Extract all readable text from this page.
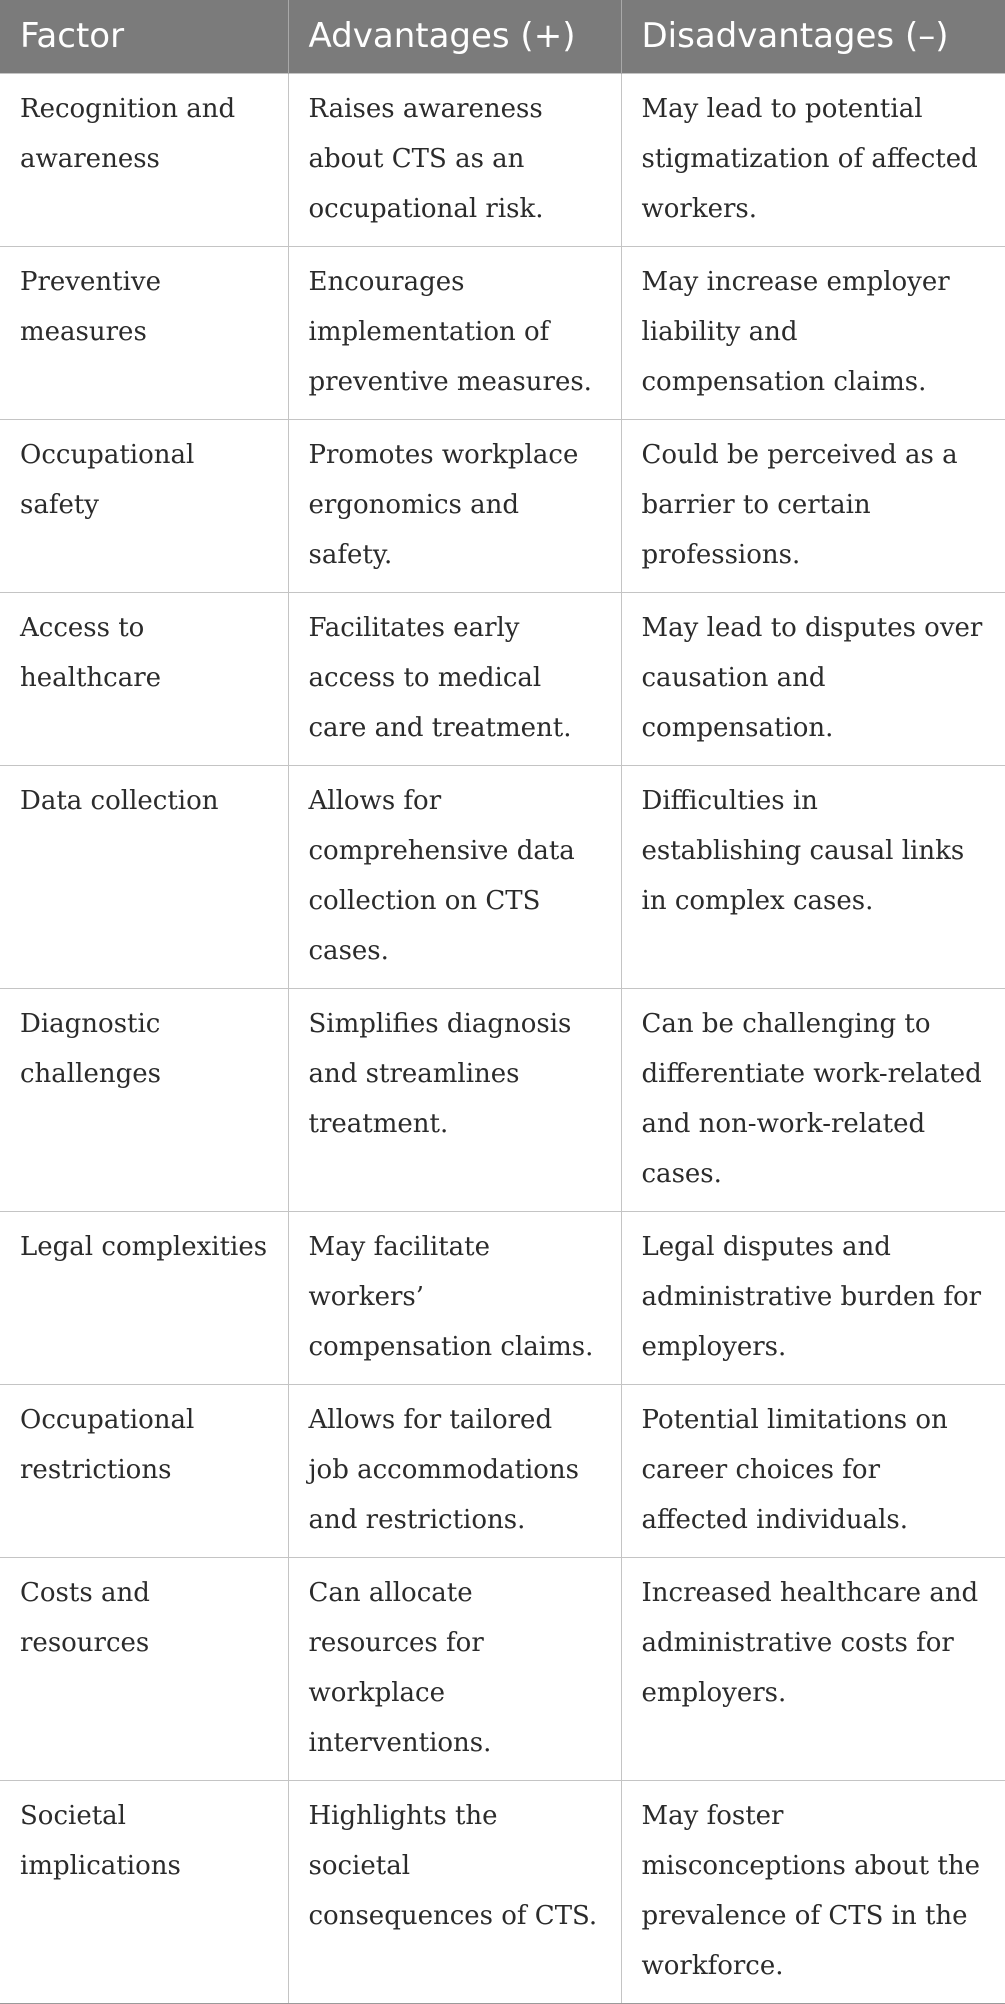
Factor	Advantages (+)	Disadvantages (–)
Recognition and awareness	Raises awareness about CTS as an occupational risk.	May lead to potential stigmatization of affected workers.
Preventive measures	Encourages implementation of preventive measures.	May increase employer liability and compensation claims.
Occupational safety	Promotes workplace ergonomics and safety.	Could be perceived as a barrier to certain professions.
Access to healthcare	Facilitates early access to medical care and treatment.	May lead to disputes over causation and compensation.
Data collection	Allows for comprehensive data collection on CTS cases.	Difficulties in establishing causal links in complex cases.
Diagnostic challenges	Simplifies diagnosis and streamlines treatment.	Can be challenging to differentiate work-related and non-work-related cases.
Legal complexities	May facilitate workers’ compensation claims.	Legal disputes and administrative burden for employers.
Occupational restrictions	Allows for tailored job accommodations and restrictions.	Potential limitations on career choices for affected individuals.
Costs and resources	Can allocate resources for workplace interventions.	Increased healthcare and administrative costs for employers.
Societal implications	Highlights the societal consequences of CTS.	May foster misconceptions about the prevalence of CTS in the workforce.
